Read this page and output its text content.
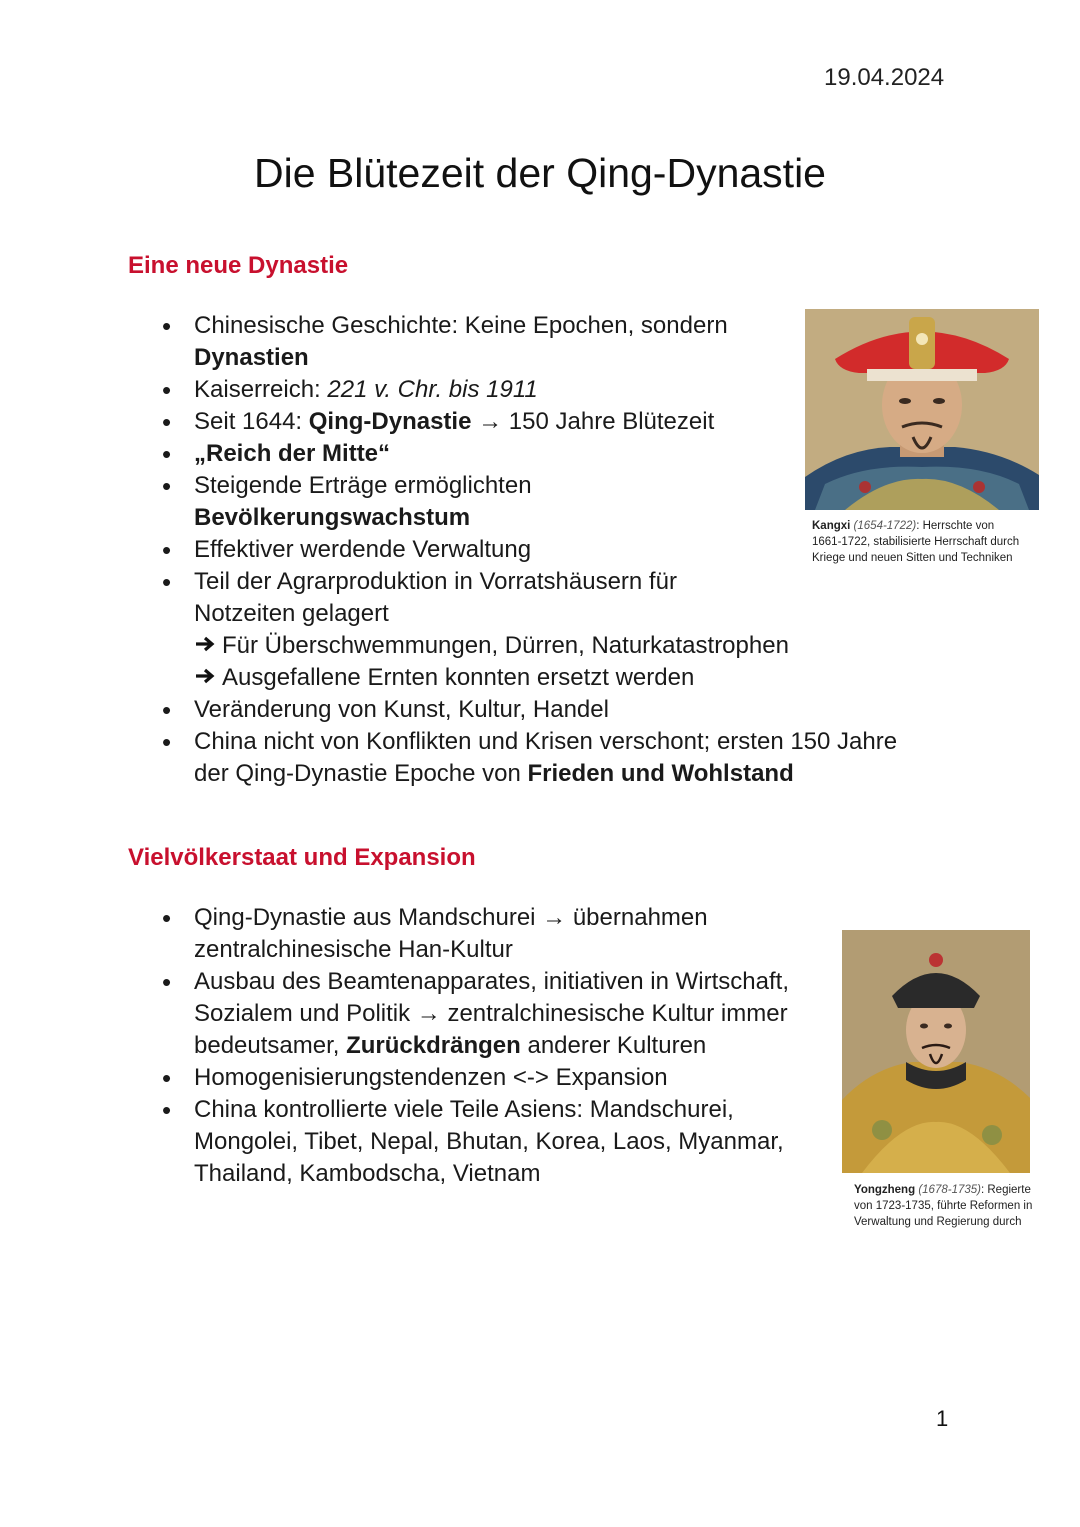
19.04.2024
Die Blütezeit der Qing-Dynastie
Eine neue Dynastie
• Chinesische Geschichte: Keine Epochen, sondern
Dynastien
• Kaiserreich: 221 v. Chr. bis 1911
• Seit 1644: Qing-Dynastie → 150 Jahre Blütezeit
• „Reich der Mitte“
• Steigende Erträge ermöglichten
Bevölkerungswachstum
• Effektiver werdende Verwaltung
• Teil der Agrarproduktion in Vorratshäusern für
Notzeiten gelagert
Für Überschwemmungen, Dürren, Naturkatastrophen
Ausgefallene Ernten konnten ersetzt werden
• Veränderung von Kunst, Kultur, Handel
• China nicht von Konflikten und Krisen verschont; ersten 150 Jahre
der Qing-Dynastie Epoche von Frieden und Wohlstand
Kangxi (1654-1722): Herrschte von 1661-1722, stabilisierte Herrschaft durch Kriege und neuen Sitten und Techniken
Vielvölkerstaat und Expansion
• Qing-Dynastie aus Mandschurei → übernahmen
zentralchinesische Han-Kultur
• Ausbau des Beamtenapparates, initiativen in Wirtschaft,
Sozialem und Politik → zentralchinesische Kultur immer
bedeutsamer, Zurückdrängen anderer Kulturen
• Homogenisierungstendenzen <-> Expansion
• China kontrollierte viele Teile Asiens: Mandschurei,
Mongolei, Tibet, Nepal, Bhutan, Korea, Laos, Myanmar,
Thailand, Kambodscha, Vietnam
Yongzheng (1678-1735): Regierte von 1723-1735, führte Reformen in Verwaltung und Regierung durch
1
